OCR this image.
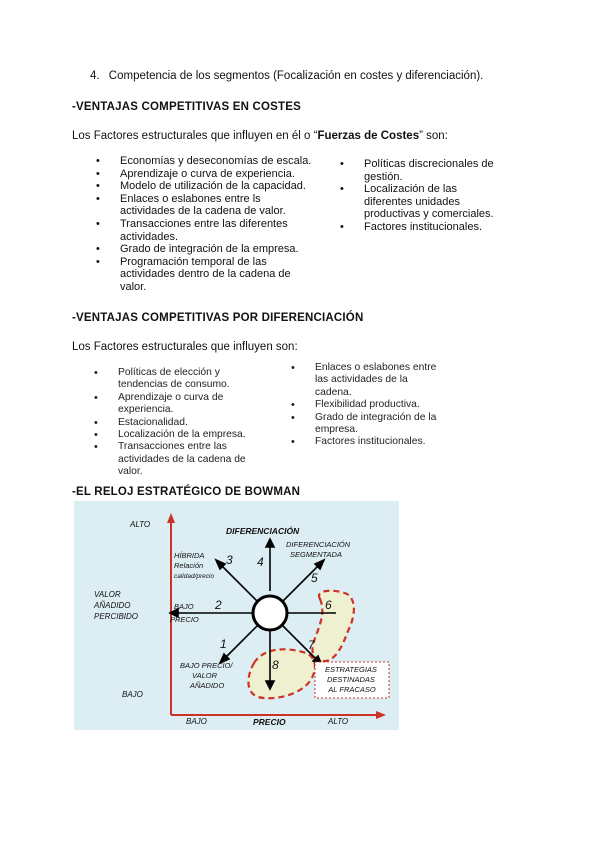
4. Competencia de los segmentos (Focalización en costes y diferenciación).
-VENTAJAS COMPETITIVAS EN COSTES
Los Factores estructurales que influyen en él o “Fuerzas de Costes” son:
• Economías y deseconomías de escala.
• Aprendizaje o curva de experiencia.
• Modelo de utilización de la capacidad.
• Enlaces o eslabones entre ls actividades de la cadena de valor.
• Transacciones entre las diferentes actividades.
• Grado de integración de la empresa.
• Programación temporal de las actividades dentro de la cadena de valor.
• Políticas discrecionales de gestión.
• Localización de las diferentes unidades productivas y comerciales.
• Factores institucionales.
-VENTAJAS COMPETITIVAS POR DIFERENCIACIÓN
Los Factores estructurales que influyen son:
• Políticas de elección y tendencias de consumo.
• Aprendizaje o curva de experiencia.
• Estacionalidad.
• Localización de la empresa.
• Transacciones entre las actividades de la cadena de valor.
• Enlaces o eslabones entre las actividades de la cadena.
• Flexibilidad productiva.
• Grado de integración de la empresa.
• Factores institucionales.
-EL RELOJ ESTRATÉGICO DE BOWMAN
ALTO
BAJO
VALOR AÑADIDO PERCIBIDO
BAJO	PRECIO	ALTO
DIFERENCIACIÓN
HÍBRIDA Relación calidad/precio
DIFERENCIACIÓN SEGMENTADA
BAJO PRECIO
BAJO PRECIO/ VALOR AÑADIDO
ESTRATEGIAS DESTINADAS AL FRACASO
1
2
3 4
5
6
7
8
